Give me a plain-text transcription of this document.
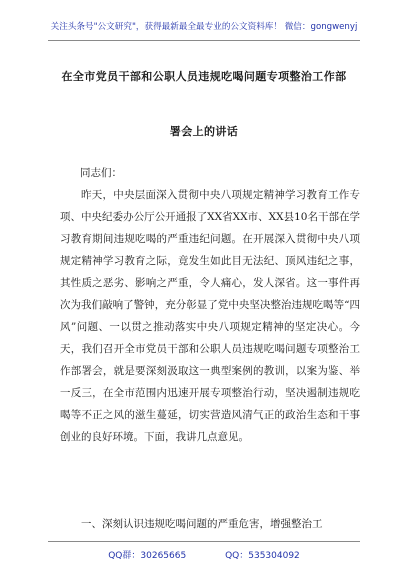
关注头条号"公文研究"，获得最新最全最专业的公文资料库！ 微信：gongwenyj
在全市党员干部和公职人员违规吃喝问题专项整治工作部
署会上的讲话
同志们：
昨天，中央层面深入贯彻中央八项规定精神学习教育工作专项、中央纪委办公厅公开通报了XX省XX市、XX县10名干部在学习教育期间违规吃喝的严重违纪问题。在开展深入贯彻中央八项规定精神学习教育之际，竟发生如此目无法纪、顶风违纪之事，其性质之恶劣、影响之严重，令人痛心，发人深省。这一事件再次为我们敲响了警钟，充分彰显了党中央坚决整治违规吃喝等“四风”问题、一以贯之推动落实中央八项规定精神的坚定决心。今天，我们召开全市党员干部和公职人员违规吃喝问题专项整治工作部署会，就是要深刻汲取这一典型案例的教训，以案为鉴、举一反三，在全市范围内迅速开展专项整治行动，坚决遏制违规吃喝等不正之风的滋生蔓延，切实营造风清气正的政治生态和干事创业的良好环境。下面，我讲几点意见。
一、深刻认识违规吃喝问题的严重危害，增强整治工
QQ群：30265665	QQ：535304092
